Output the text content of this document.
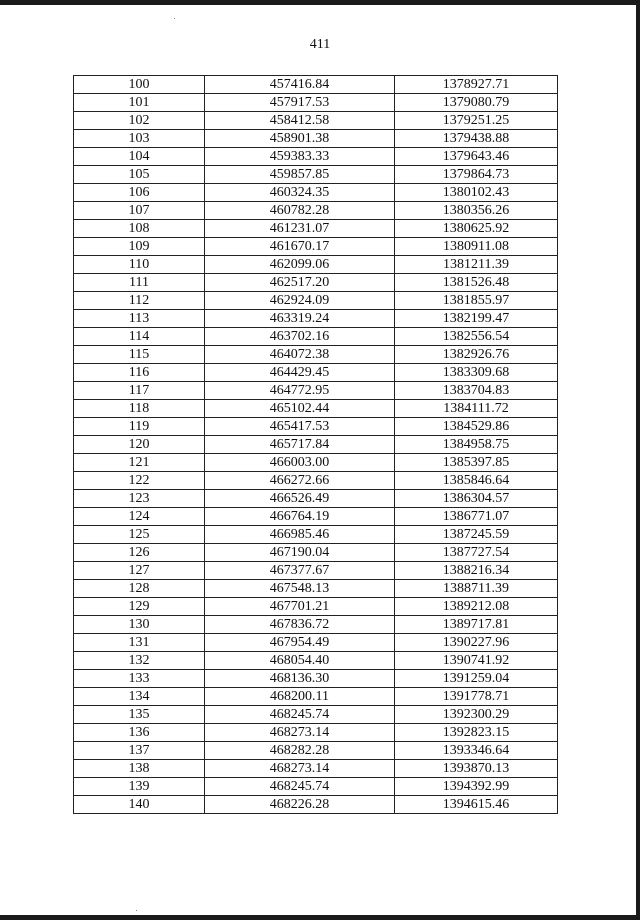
411
100	457416.84	1378927.71
101	457917.53	1379080.79
102	458412.58	1379251.25
103	458901.38	1379438.88
104	459383.33	1379643.46
105	459857.85	1379864.73
106	460324.35	1380102.43
107	460782.28	1380356.26
108	461231.07	1380625.92
109	461670.17	1380911.08
110	462099.06	1381211.39
111	462517.20	1381526.48
112	462924.09	1381855.97
113	463319.24	1382199.47
114	463702.16	1382556.54
115	464072.38	1382926.76
116	464429.45	1383309.68
117	464772.95	1383704.83
118	465102.44	1384111.72
119	465417.53	1384529.86
120	465717.84	1384958.75
121	466003.00	1385397.85
122	466272.66	1385846.64
123	466526.49	1386304.57
124	466764.19	1386771.07
125	466985.46	1387245.59
126	467190.04	1387727.54
127	467377.67	1388216.34
128	467548.13	1388711.39
129	467701.21	1389212.08
130	467836.72	1389717.81
131	467954.49	1390227.96
132	468054.40	1390741.92
133	468136.30	1391259.04
134	468200.11	1391778.71
135	468245.74	1392300.29
136	468273.14	1392823.15
137	468282.28	1393346.64
138	468273.14	1393870.13
139	468245.74	1394392.99
140	468226.28	1394615.46
